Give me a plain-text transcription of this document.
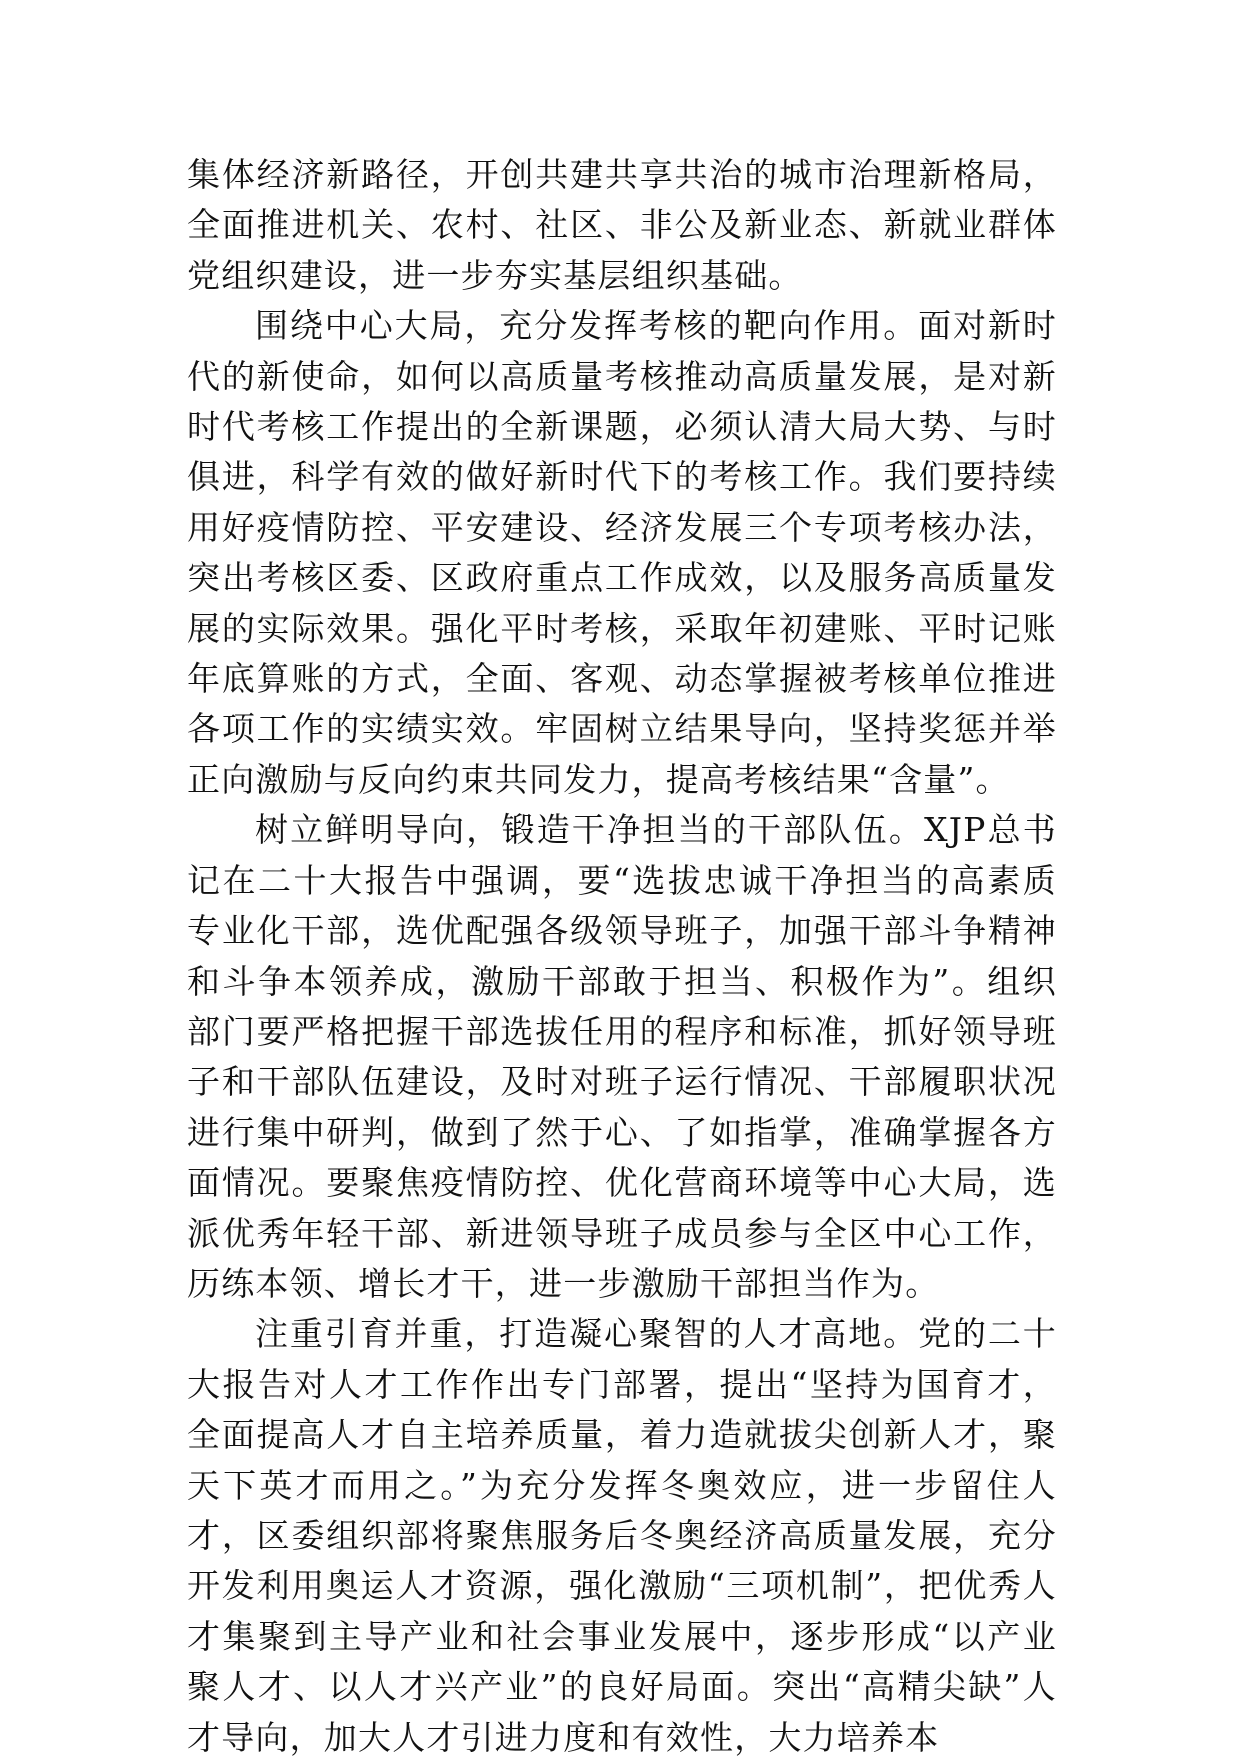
集体经济新路径，开创共建共享共治的城市治理新格局，全面推进机关、农村、社区、非公及新业态、新就业群体党组织建设，进一步夯实基层组织基础。

围绕中心大局，充分发挥考核的靶向作用。面对新时代的新使命，如何以高质量考核推动高质量发展，是对新时代考核工作提出的全新课题，必须认清大局大势、与时俱进，科学有效的做好新时代下的考核工作。我们要持续用好疫情防控、平安建设、经济发展三个专项考核办法，突出考核区委、区政府重点工作成效，以及服务高质量发展的实际效果。强化平时考核，采取年初建账、平时记账年底算账的方式，全面、客观、动态掌握被考核单位推进各项工作的实绩实效。牢固树立结果导向，坚持奖惩并举正向激励与反向约束共同发力，提高考核结果“含量”。

树立鲜明导向，锻造干净担当的干部队伍。XJP总书记在二十大报告中强调，要“选拔忠诚干净担当的高素质专业化干部，选优配强各级领导班子，加强干部斗争精神和斗争本领养成，激励干部敢于担当、积极作为”。组织部门要严格把握干部选拔任用的程序和标准，抓好领导班子和干部队伍建设，及时对班子运行情况、干部履职状况进行集中研判，做到了然于心、了如指掌，准确掌握各方面情况。要聚焦疫情防控、优化营商环境等中心大局，选派优秀年轻干部、新进领导班子成员参与全区中心工作，历练本领、增长才干，进一步激励干部担当作为。

注重引育并重，打造凝心聚智的人才高地。党的二十大报告对人才工作作出专门部署，提出“坚持为国育才，全面提高人才自主培养质量，着力造就拔尖创新人才，聚天下英才而用之。”为充分发挥冬奥效应，进一步留住人才，区委组织部将聚焦服务后冬奥经济高质量发展，充分开发利用奥运人才资源，强化激励“三项机制”，把优秀人才集聚到主导产业和社会事业发展中，逐步形成“以产业聚人才、以人才兴产业”的良好局面。突出“高精尖缺”人才导向，加大人才引进力度和有效性，大力培养本
